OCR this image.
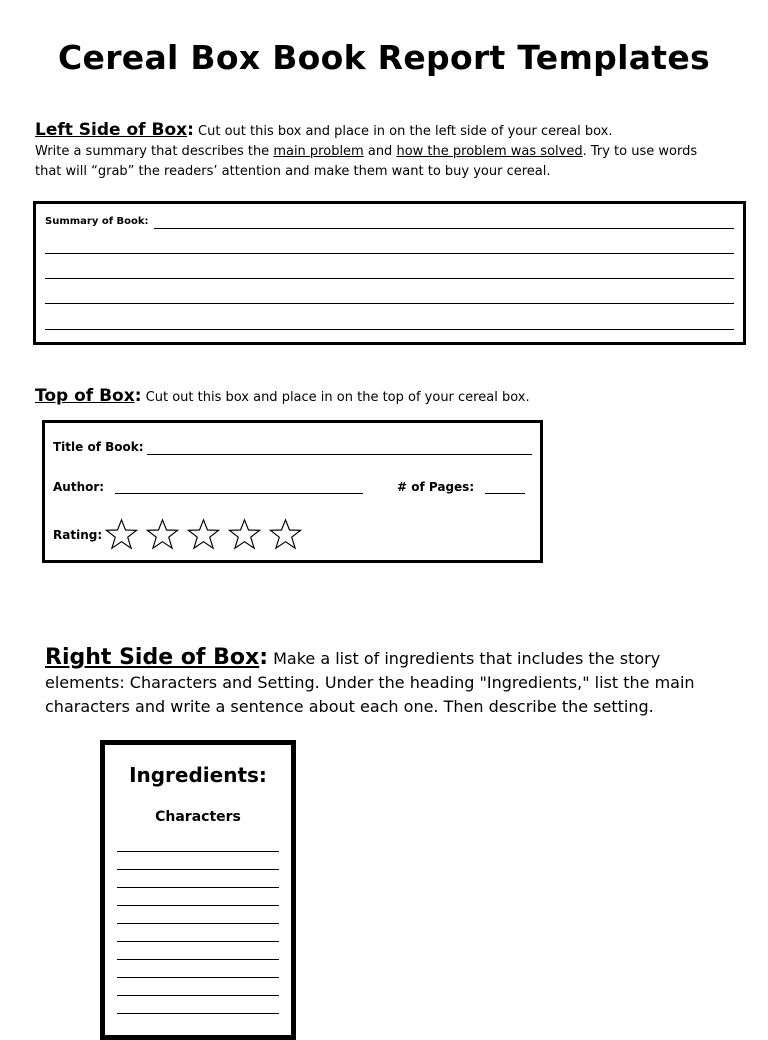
Cereal Box Book Report Templates
Left Side of Box: Cut out this box and place in on the left side of your cereal box.
Write a summary that describes the main problem and how the problem was solved. Try to use words
that will “grab” the readers’ attention and make them want to buy your cereal.
Summary of Book:
Top of Box: Cut out this box and place in on the top of your cereal box.
Title of Book:
Author:	# of Pages:
Rating:
Right Side of Box: Make a list of ingredients that includes the story elements: Characters and Setting. Under the heading "Ingredients," list the main characters and write a sentence about each one. Then describe the setting.
Ingredients:
Characters
